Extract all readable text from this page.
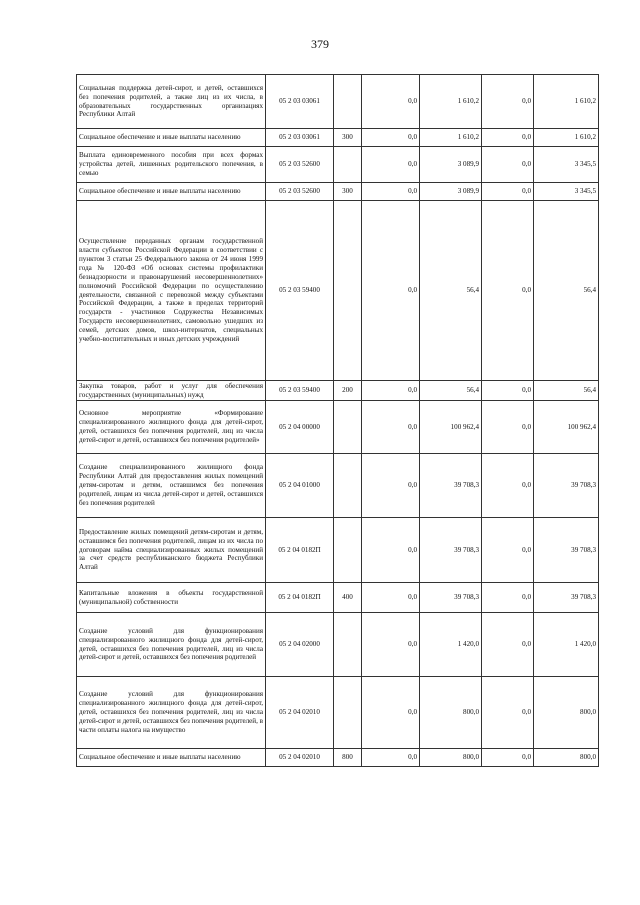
379
Социальная поддержка детей-сирот, и детей, оставшихся без попечения родителей, а также лиц из их числа, в образовательных государственных организациях Республики Алтай	05 2 03 03061		0,0	1 610,2	0,0	1 610,2
Социальное обеспечение и иные выплаты населению	05 2 03 03061	300	0,0	1 610,2	0,0	1 610,2
Выплата единовременного пособия при всех формах устройства детей, лишенных родительского попечения, в семью	05 2 03 52600		0,0	3 089,9	0,0	3 345,5
Социальное обеспечение и иные выплаты населению	05 2 03 52600	300	0,0	3 089,9	0,0	3 345,5
Осуществление переданных органам государственной власти субъектов Российской Федерации в соответствии с пунктом 3 статьи 25 Федерального закона от 24 июня 1999 года № 120-ФЗ «Об основах системы профилактики безнадзорности и правонарушений несовершеннолетних» полномочий Российской Федерации по осуществлению деятельности, связанной с перевозкой между субъектами Российской Федерации, а также в пределах территорий государств - участников Содружества Независимых Государств несовершеннолетних, самовольно ушедших из семей, детских домов, школ-интернатов, специальных учебно-воспитательных и иных детских учреждений	05 2 03 59400		0,0	56,4	0,0	56,4
Закупка товаров, работ и услуг для обеспечения государственных (муниципальных) нужд	05 2 03 59400	200	0,0	56,4	0,0	56,4
Основное мероприятие «Формирование специализированного жилищного фонда для детей-сирот, детей, оставшихся без попечения родителей, лиц из числа детей-сирот и детей, оставшихся без попечения родителей»	05 2 04 00000		0,0	100 962,4	0,0	100 962,4
Создание специализированного жилищного фонда Республики Алтай для предоставления жилых помещений детям-сиротам и детям, оставшимся без попечения родителей, лицам из числа детей-сирот и детей, оставшихся без попечения родителей	05 2 04 01000		0,0	39 708,3	0,0	39 708,3
Предоставление жилых помещений детям-сиротам и детям, оставшимся без попечения родителей, лицам из их числа по договорам найма специализированных жилых помещений за счет средств республиканского бюджета Республики Алтай	05 2 04 0182П		0,0	39 708,3	0,0	39 708,3
Капитальные вложения в объекты государственной (муниципальной) собственности	05 2 04 0182П	400	0,0	39 708,3	0,0	39 708,3
Создание условий для функционирования специализированного жилищного фонда для детей-сирот, детей, оставшихся без попечения родителей, лиц из числа детей-сирот и детей, оставшихся без попечения родителей	05 2 04 02000		0,0	1 420,0	0,0	1 420,0
Создание условий для функционирования специализированного жилищного фонда для детей-сирот, детей, оставшихся без попечения родителей, лиц из числа детей-сирот и детей, оставшихся без попечения родителей, в части оплаты налога на имущество	05 2 04 02010		0,0	800,0	0,0	800,0
Социальное обеспечение и иные выплаты населению	05 2 04 02010	800	0,0	800,0	0,0	800,0
